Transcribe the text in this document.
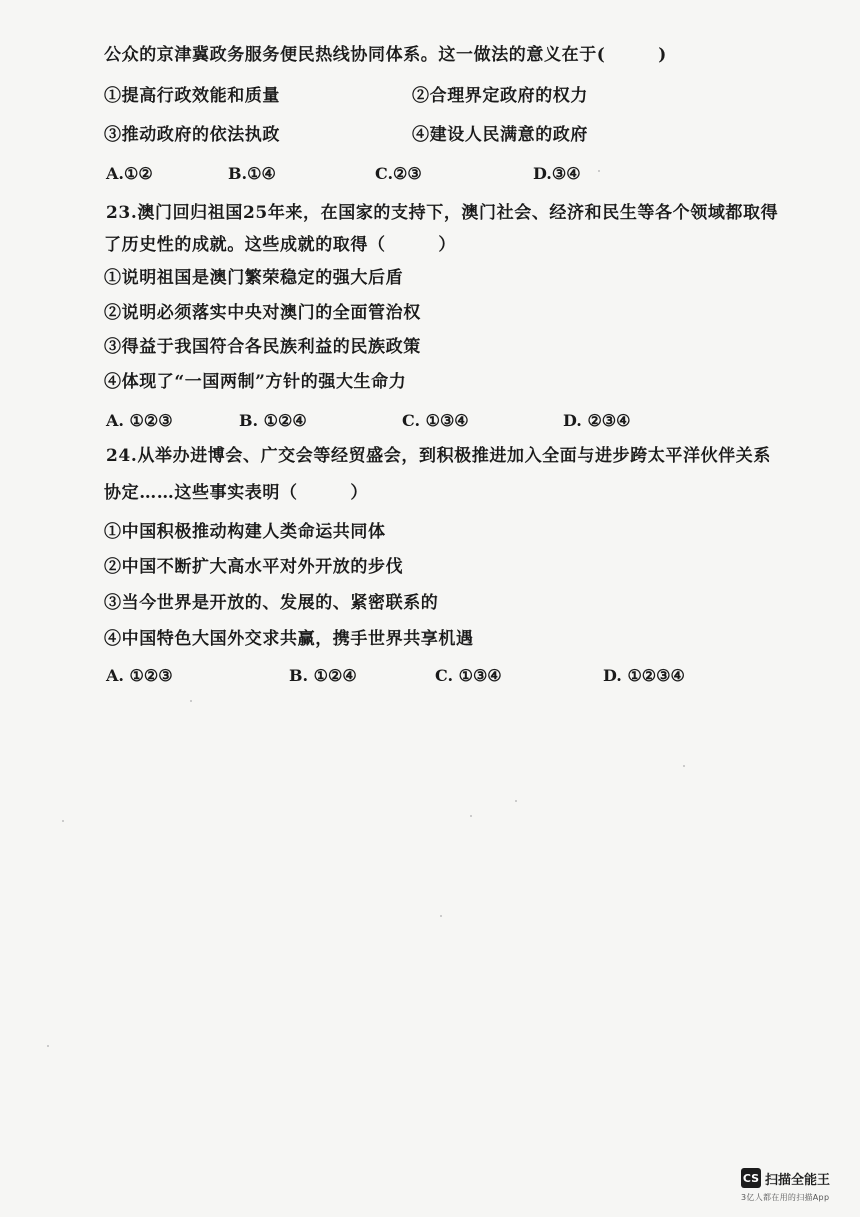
公众的京津冀政务服务便民热线协同体系。这一做法的意义在于(　　　)
①提高行政效能和质量	②合理界定政府的权力
③推动政府的依法执政	④建设人民满意的政府
A.①②	B.①④	C.②③	D.③④
23.澳门回归祖国25年来，在国家的支持下，澳门社会、经济和民生等各个领域都取得
了历史性的成就。这些成就的取得（　　　）
①说明祖国是澳门繁荣稳定的强大后盾
②说明必须落实中央对澳门的全面管治权
③得益于我国符合各民族利益的民族政策
④体现了“一国两制”方针的强大生命力
A. ①②③	B. ①②④	C. ①③④	D. ②③④
24.从举办进博会、广交会等经贸盛会，到积极推进加入全面与进步跨太平洋伙伴关系
协定……这些事实表明（　　　）
①中国积极推动构建人类命运共同体
②中国不断扩大高水平对外开放的步伐
③当今世界是开放的、发展的、紧密联系的
④中国特色大国外交求共赢，携手世界共享机遇
A. ①②③	B. ①②④	C. ①③④	D. ①②③④
CS 扫描全能王
3亿人都在用的扫描App
